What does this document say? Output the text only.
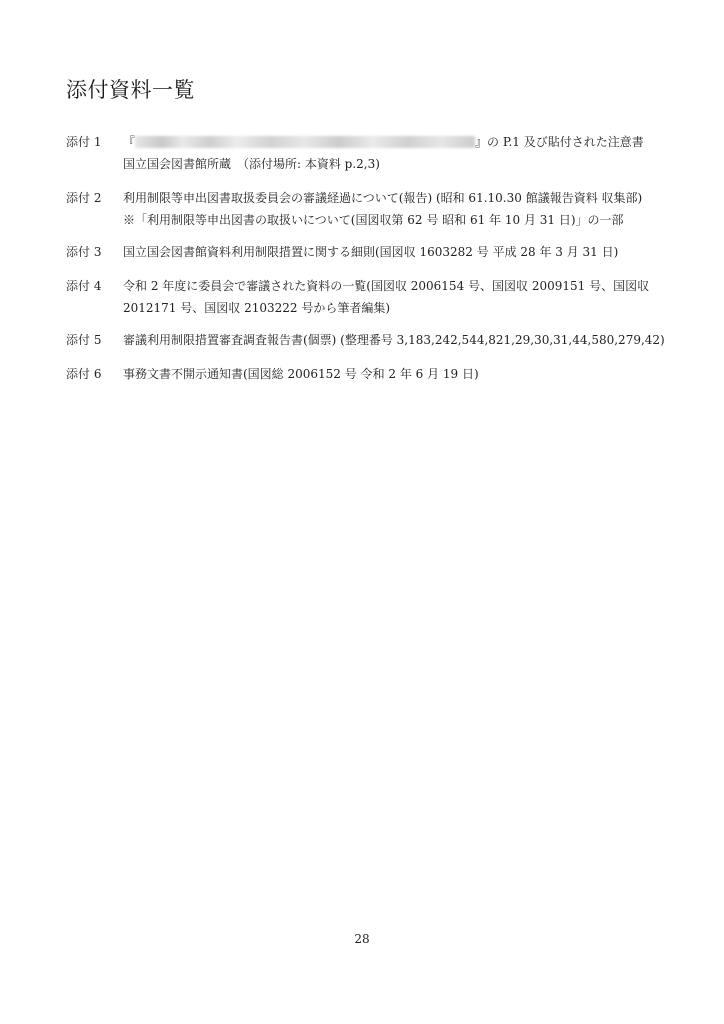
添付資料一覧
添付 1	『	』の P.1 及び貼付された注意書
国立国会図書館所蔵　（添付場所: 本資料 p.2,3)
添付 2	利用制限等申出図書取扱委員会の審議経過について(報告) (昭和 61.10.30 館議報告資料 収集部)
※「利用制限等申出図書の取扱いについて(国図収第 62 号 昭和 61 年 10 月 31 日)」の一部
添付 3	国立国会図書館資料利用制限措置に関する細則(国図収 1603282 号 平成 28 年 3 月 31 日)
添付 4	令和 2 年度に委員会で審議された資料の一覧(国図収 2006154 号、国図収 2009151 号、国図収
2012171 号、国図収 2103222 号から筆者編集)
添付 5	審議利用制限措置審査調査報告書(個票) (整理番号 3,183,242,544,821,29,30,31,44,580,279,42)
添付 6	事務文書不開示通知書(国図総 2006152 号 令和 2 年 6 月 19 日)
28
